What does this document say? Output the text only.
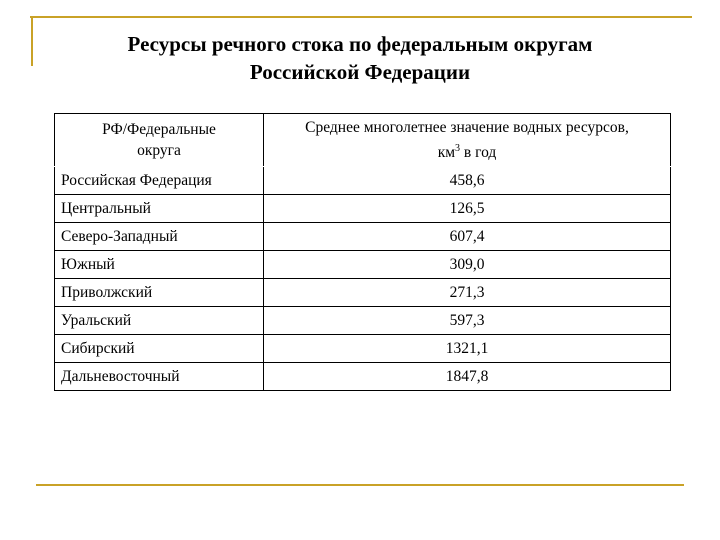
Ресурсы речного стока по федеральным округам
Российской Федерации
РФ/Федеральные
округа	Среднее многолетнее значение водных ресурсов,
$км^3$ в год
Российская Федерация	458,6
Центральный	126,5
Северо-Западный	607,4
Южный	309,0
Приволжский	271,3
Уральский	597,3
Сибирский	1321,1
Дальневосточный	1847,8
